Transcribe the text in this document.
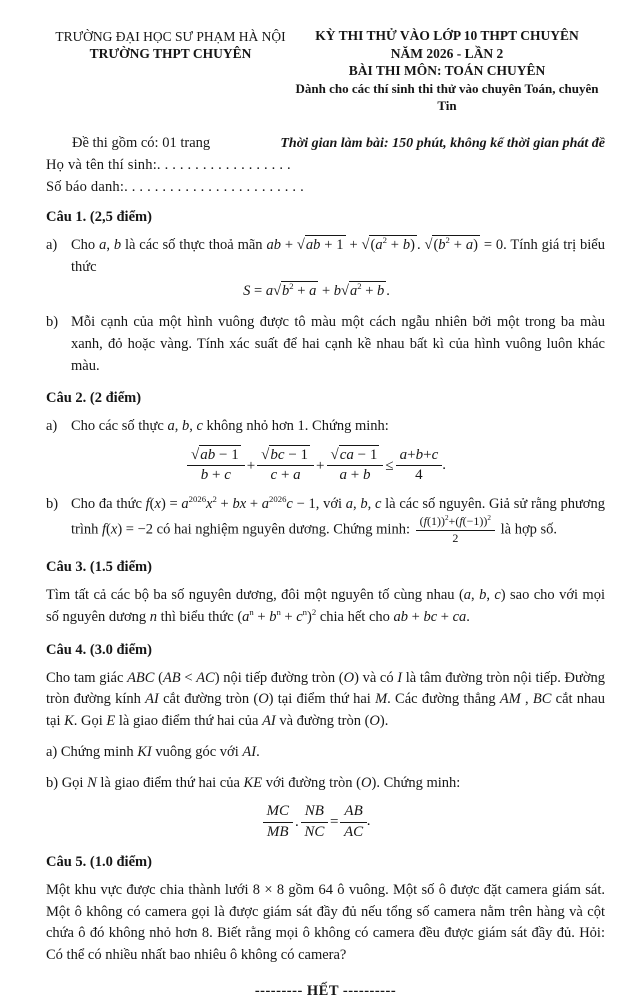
TRƯỜNG ĐẠI HỌC SƯ PHẠM HÀ NỘI
TRƯỜNG THPT CHUYÊN
KỲ THI THỬ VÀO LỚP 10 THPT CHUYÊN
NĂM 2026 - LẦN 2
BÀI THI MÔN: TOÁN CHUYÊN
Dành cho các thí sinh thi thử vào chuyên Toán, chuyên Tin
Đề thi gồm có: 01 trang	Thời gian làm bài: 150 phút, không kể thời gian phát đề
Họ và tên thí sinh:. . . . . . . . . . . . . . . . . .
Số báo danh:. . . . . . . . . . . . . . . . . . . . . . . .
Câu 1. (2,5 điểm)
a) Cho a, b là các số thực thoả mãn ab + $√ab + 1 + √(a^2 + b)$ . $√(b^2 + a) = 0$. Tính giá trị biểu thức
$S = a√b^2 + a + b√a^2 + b$ .
b) Mỗi cạnh của một hình vuông được tô màu một cách ngẫu nhiên bởi một trong ba màu xanh, đỏ hoặc vàng. Tính xác suất để hai cạnh kề nhau bất kì của hình vuông luôn khác màu.
Câu 2. (2 điểm)
a) Cho các số thực a, b, c không nhỏ hơn 1. Chứng minh:
$\frac{√ab - 1}{b + c} + \frac{√bc - 1}{c + a} + \frac{√ca - 1}{a + b} \le \frac{a+b+c}{4}$ .
b) Cho đa thức $f(x) = a^{2026}x^2$ + bx + $a^{2026}c - 1$, với a, b, c là các số nguyên. Giả sử rằng phương trình f(x) = −2 có hai nghiệm nguyên dương. Chứng minh: $\frac{(f(1))^2+(f(-1))^2}{2}$ là hợp số.
Câu 3. (1.5 điểm)

Tìm tất cả các bộ ba số nguyên dương, đôi một nguyên tố cùng nhau (a, b, c) sao cho với mọi số nguyên dương n thì biểu thức $(a^n + b^n + c^n)^2$ chia hết cho ab + bc + ca.

Câu 4. (3.0 điểm)

Cho tam giác ABC (AB < AC) nội tiếp đường tròn (O) và có I là tâm đường tròn nội tiếp. Đường tròn đường kính AI cắt đường tròn (O) tại điểm thứ hai M. Các đường thẳng AM , BC cắt nhau tại K. Gọi E là giao điểm thứ hai của AI và đường tròn (O).

a) Chứng minh KI vuông góc với AI.

b) Gọi N là giao điểm thứ hai của KE với đường tròn (O). Chứng minh:

$\frac{MC}{MB}$ . $\frac{NB}{NC} = \frac{AB}{AC}$ .
Câu 5. (1.0 điểm)

Một khu vực được chia thành lưới 8 × 8 gồm 64 ô vuông. Một số ô được đặt camera giám sát. Một ô không có camera gọi là được giám sát đầy đủ nếu tổng số camera nằm trên hàng và cột chứa ô đó không nhỏ hơn 8. Biết rằng mọi ô không có camera đều được giám sát đầy đủ. Hỏi: Có thể có nhiều nhất bao nhiêu ô không có camera?

--------- HẾT ----------
